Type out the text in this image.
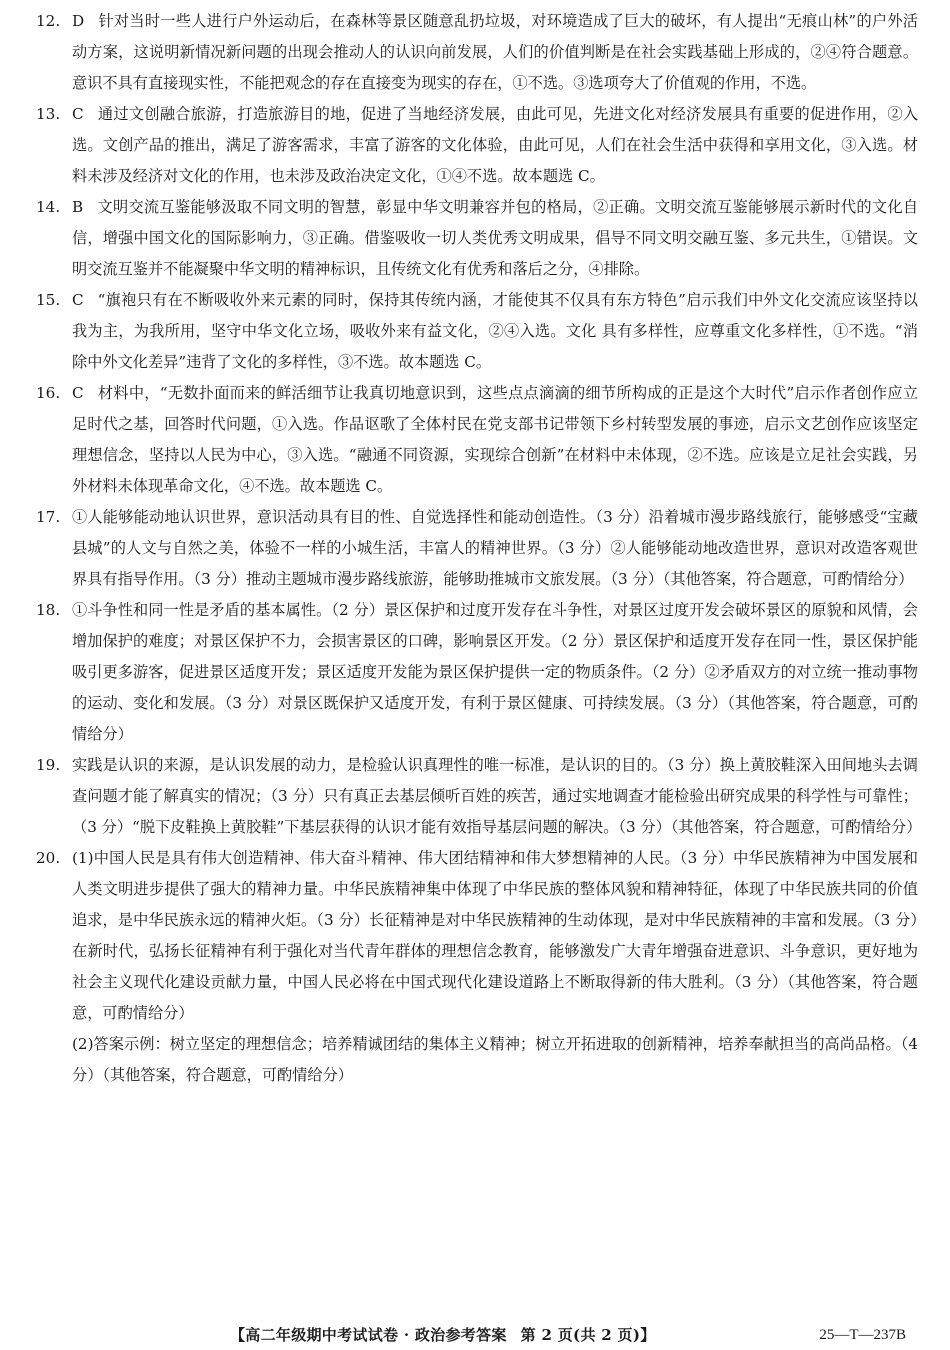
12. D 针对当时一些人进行户外运动后，在森林等景区随意乱扔垃圾，对环境造成了巨大的破坏，有人提出“无痕山林”的户外活动方案，这说明新情况新问题的出现会推动人的认识向前发展，人们的价值判断是在社会实践基础上形成的，②④符合题意。意识不具有直接现实性，不能把观念的存在直接变为现实的存在，①不选。③选项夸大了价值观的作用，不选。
13. C 通过文创融合旅游，打造旅游目的地，促进了当地经济发展，由此可见，先进文化对经济发展具有重要的促进作用，②入选。文创产品的推出，满足了游客需求，丰富了游客的文化体验，由此可见，人们在社会生活中获得和享用文化，③入选。材料未涉及经济对文化的作用，也未涉及政治决定文化，①④不选。故本题选 C。
14. B 文明交流互鉴能够汲取不同文明的智慧，彰显中华文明兼容并包的格局，②正确。文明交流互鉴能够展示新时代的文化自信，增强中国文化的国际影响力，③正确。借鉴吸收一切人类优秀文明成果，倡导不同文明交融互鉴、多元共生，①错误。文明交流互鉴并不能凝聚中华文明的精神标识，且传统文化有优秀和落后之分，④排除。
15. C “旗袍只有在不断吸收外来元素的同时，保持其传统内涵，才能使其不仅具有东方特色”启示我们中外文化交流应该坚持以我为主，为我所用，坚守中华文化立场，吸收外来有益文化，②④入选。文化 具有多样性，应尊重文化多样性，①不选。“消除中外文化差异”违背了文化的多样性，③不选。故本题选 C。
16. C 材料中，“无数扑面而来的鲜活细节让我真切地意识到，这些点点滴滴的细节所构成的正是这个大时代”启示作者创作应立足时代之基，回答时代问题，①入选。作品讴歌了全体村民在党支部书记带领下乡村转型发展的事迹，启示文艺创作应该坚定理想信念，坚持以人民为中心，③入选。“融通不同资源，实现综合创新”在材料中未体现，②不选。应该是立足社会实践，另外材料未体现革命文化，④不选。故本题选 C。
17. ①人能够能动地认识世界，意识活动具有目的性、自觉选择性和能动创造性。（3 分）沿着城市漫步路线旅行，能够感受“宝藏县城”的人文与自然之美，体验不一样的小城生活，丰富人的精神世界。（3 分）②人能够能动地改造世界，意识对改造客观世界具有指导作用。（3 分）推动主题城市漫步路线旅游，能够助推城市文旅发展。（3 分）（其他答案，符合题意，可酌情给分）
18. ①斗争性和同一性是矛盾的基本属性。（2 分）景区保护和过度开发存在斗争性，对景区过度开发会破坏景区的原貌和风情，会增加保护的难度；对景区保护不力，会损害景区的口碑，影响景区开发。（2 分）景区保护和适度开发存在同一性，景区保护能吸引更多游客，促进景区适度开发；景区适度开发能为景区保护提供一定的物质条件。（2 分）②矛盾双方的对立统一推动事物的运动、变化和发展。（3 分）对景区既保护又适度开发，有利于景区健康、可持续发展。（3 分）（其他答案，符合题意，可酌情给分）
19. 实践是认识的来源，是认识发展的动力，是检验认识真理性的唯一标准，是认识的目的。（3 分）换上黄胶鞋深入田间地头去调查问题才能了解真实的情况；（3 分）只有真正去基层倾听百姓的疾苦，通过实地调查才能检验出研究成果的科学性与可靠性；（3 分）“脱下皮鞋换上黄胶鞋”下基层获得的认识才能有效指导基层问题的解决。（3 分）（其他答案，符合题意，可酌情给分）
20. (1)中国人民是具有伟大创造精神、伟大奋斗精神、伟大团结精神和伟大梦想精神的人民。（3 分）中华民族精神为中国发展和人类文明进步提供了强大的精神力量。中华民族精神集中体现了中华民族的整体风貌和精神特征，体现了中华民族共同的价值追求，是中华民族永远的精神火炬。（3 分）长征精神是对中华民族精神的生动体现，是对中华民族精神的丰富和发展。（3 分）在新时代，弘扬长征精神有利于强化对当代青年群体的理想信念教育，能够激发广大青年增强奋进意识、斗争意识，更好地为社会主义现代化建设贡献力量，中国人民必将在中国式现代化建设道路上不断取得新的伟大胜利。（3 分）（其他答案，符合题意，可酌情给分）
(2)答案示例：树立坚定的理想信念；培养精诚团结的集体主义精神；树立开拓进取的创新精神，培养奉献担当的高尚品格。（4 分）（其他答案，符合题意，可酌情给分）
【高二年级期中考试试卷 · 政治参考答案 第 2 页(共 2 页)】	25—T—237B
